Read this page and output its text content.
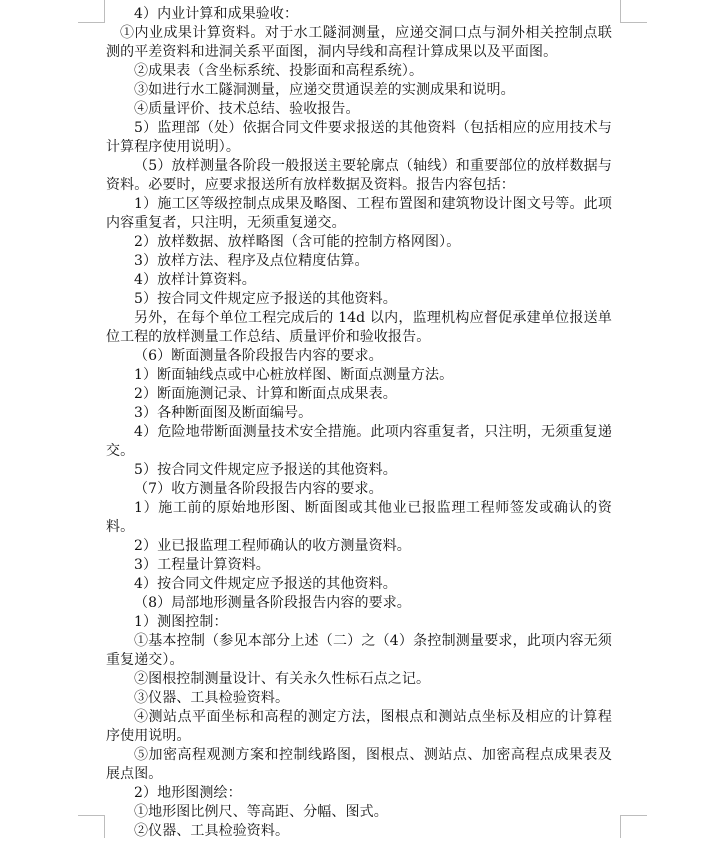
4）内业计算和成果验收：

①内业成果计算资料。对于水工隧洞测量，应递交洞口点与洞外相关控制点联测的平差资料和进洞关系平面图，洞内导线和高程计算成果以及平面图。

②成果表（含坐标系统、投影面和高程系统）。

③如进行水工隧洞测量，应递交贯通误差的实测成果和说明。

④质量评价、技术总结、验收报告。

5）监理部（处）依据合同文件要求报送的其他资料（包括相应的应用技术与计算程序使用说明）。

（5）放样测量各阶段一般报送主要轮廓点（轴线）和重要部位的放样数据与资料。必要时，应要求报送所有放样数据及资料。报告内容包括：

1）施工区等级控制点成果及略图、工程布置图和建筑物设计图文号等。此项内容重复者，只注明，无须重复递交。

2）放样数据、放样略图（含可能的控制方格网图）。

3）放样方法、程序及点位精度估算。

4）放样计算资料。

5）按合同文件规定应予报送的其他资料。

另外，在每个单位工程完成后的 14d 以内，监理机构应督促承建单位报送单位工程的放样测量工作总结、质量评价和验收报告。

（6）断面测量各阶段报告内容的要求。

1）断面轴线点或中心桩放样图、断面点测量方法。

2）断面施测记录、计算和断面点成果表。

3）各种断面图及断面编号。

4）危险地带断面测量技术安全措施。此项内容重复者，只注明，无须重复递交。

5）按合同文件规定应予报送的其他资料。

（7）收方测量各阶段报告内容的要求。

1）施工前的原始地形图、断面图或其他业已报监理工程师签发或确认的资料。

2）业已报监理工程师确认的收方测量资料。

3）工程量计算资料。

4）按合同文件规定应予报送的其他资料。

（8）局部地形测量各阶段报告内容的要求。

1）测图控制：

①基本控制（参见本部分上述（二）之（4）条控制测量要求，此项内容无须重复递交）。

②图根控制测量设计、有关永久性标石点之记。

③仪器、工具检验资料。

④测站点平面坐标和高程的测定方法，图根点和测站点坐标及相应的计算程序使用说明。

⑤加密高程观测方案和控制线路图，图根点、测站点、加密高程点成果表及展点图。

2）地形图测绘：

①地形图比例尺、等高距、分幅、图式。

②仪器、工具检验资料。
